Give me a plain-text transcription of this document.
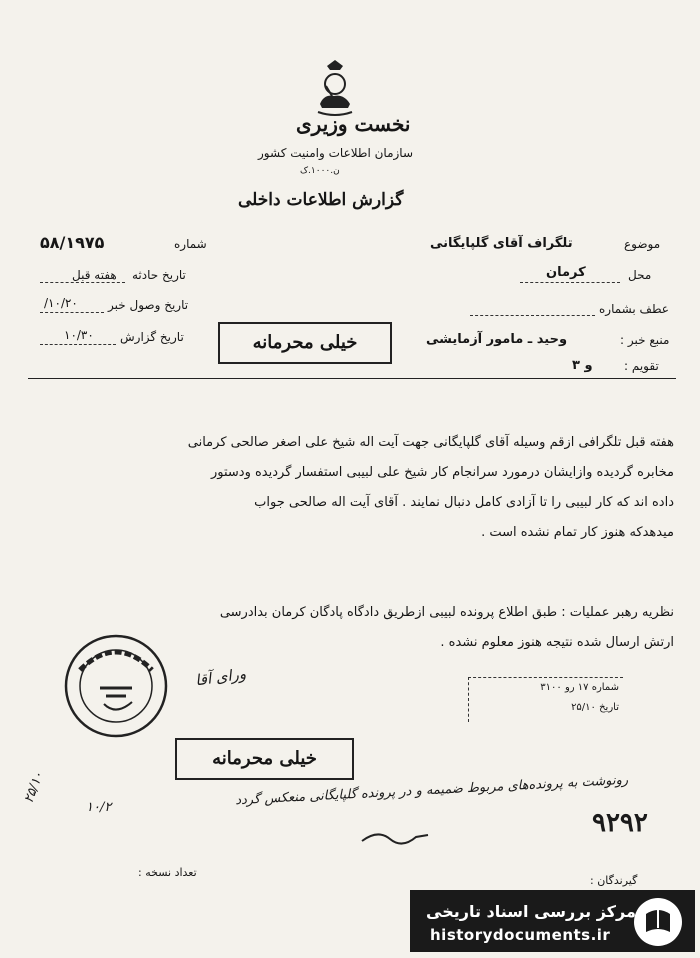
نخست وزیری
سازمان اطلاعات وامنیت کشور
ن.۱۰۰۰.ک
گزارش اطلاعات داخلی
موضوع
تلگراف آقای گلپایگانی
محل
کرمان
عطف بشماره
منبع خبر :
وحید ـ مامور آزمایشی
تقویم :
و ۳
شماره
۵۸/۱۹۷۵
تاریخ حادثه
هفته قبل
تاریخ وصول خبر
۱۰/۲۰/
تاریخ گزارش
۱۰/۳۰	خیلی محرمانه
هفته قبل تلگرافی ازقم وسیله آقای گلپایگانی جهت آیت اله شیخ علی اصغر صالحی کرمانی
مخابره گردیده وازایشان درمورد سرانجام کار شیخ علی لبیبی استفسار گردیده ودستور
داده اند که کار لبیبی را تا آزادی کامل دنبال نمایند . آقای آیت اله صالحی جواب
میدهدکه هنوز کار تمام نشده است .
نظریه رهبر عملیات : طبق اطلاع پرونده لبیبی ازطریق دادگاه پادگان کرمان بدادرسی
ارتش ارسال شده نتیجه هنوز معلوم نشده .
شماره ۱۷ رو ۳۱۰۰
تاریخ ۲۵/۱۰
ورای آقا
۲۵/۱۰
۱۰/۲
خیلی محرمانه
رونوشت به پرونده‌های مربوط ضمیمه و در پرونده گلپایگانی منعکس گردد
۹۲۹۲
تعداد نسخه :
گیرندگان :
مرکز بررسی اسناد تاریخی
historydocuments.ir
